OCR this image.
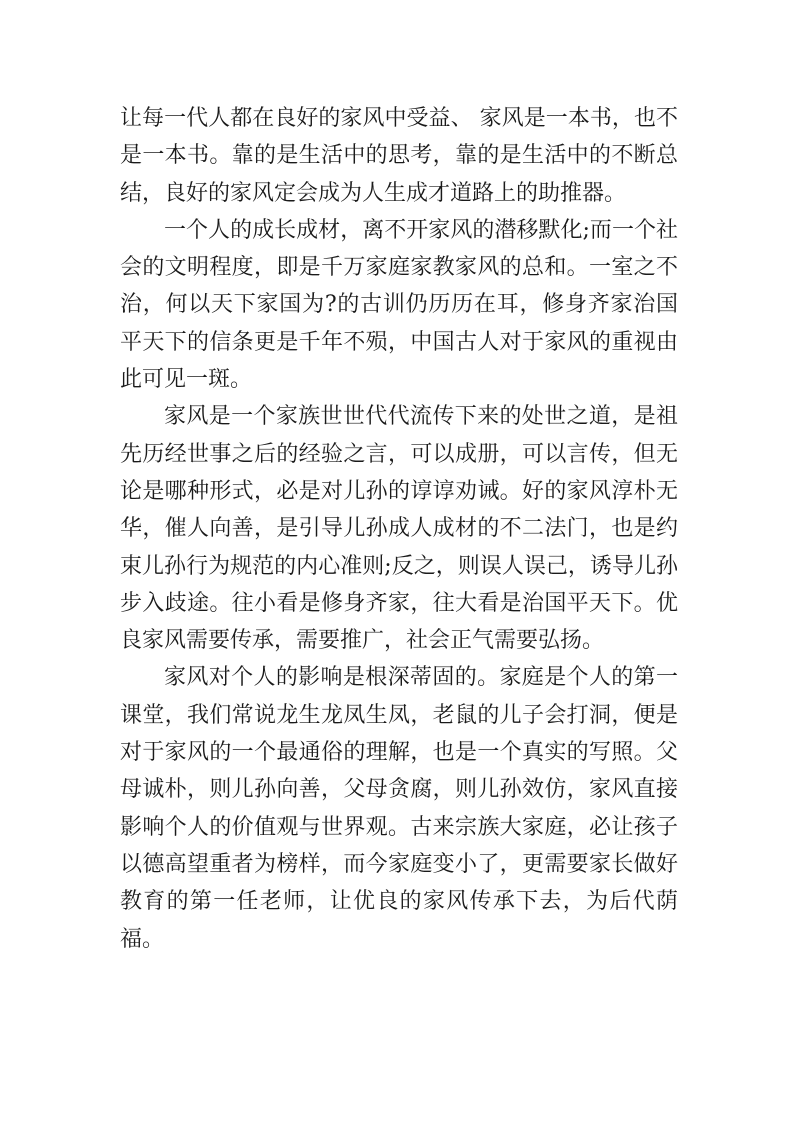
让每一代人都在良好的家风中受益、 家风是一本书，也不是一本书。靠的是生活中的思考，靠的是生活中的不断总结，良好的家风定会成为人生成才道路上的助推器。

一个人的成长成材，离不开家风的潜移默化;而一个社会的文明程度，即是千万家庭家教家风的总和。一室之不治，何以天下家国为?的古训仍历历在耳，修身齐家治国平天下的信条更是千年不殒，中国古人对于家风的重视由此可见一斑。

家风是一个家族世世代代流传下来的处世之道，是祖先历经世事之后的经验之言，可以成册，可以言传，但无论是哪种形式，必是对儿孙的谆谆劝诫。好的家风淳朴无华，催人向善，是引导儿孙成人成材的不二法门，也是约束儿孙行为规范的内心准则;反之，则误人误己，诱导儿孙步入歧途。往小看是修身齐家，往大看是治国平天下。优良家风需要传承，需要推广，社会正气需要弘扬。

家风对个人的影响是根深蒂固的。家庭是个人的第一课堂，我们常说龙生龙凤生凤，老鼠的儿子会打洞，便是对于家风的一个最通俗的理解，也是一个真实的写照。父母诚朴，则儿孙向善，父母贪腐，则儿孙效仿，家风直接影响个人的价值观与世界观。古来宗族大家庭，必让孩子以德高望重者为榜样，而今家庭变小了，更需要家长做好教育的第一任老师，让优良的家风传承下去，为后代荫福。
